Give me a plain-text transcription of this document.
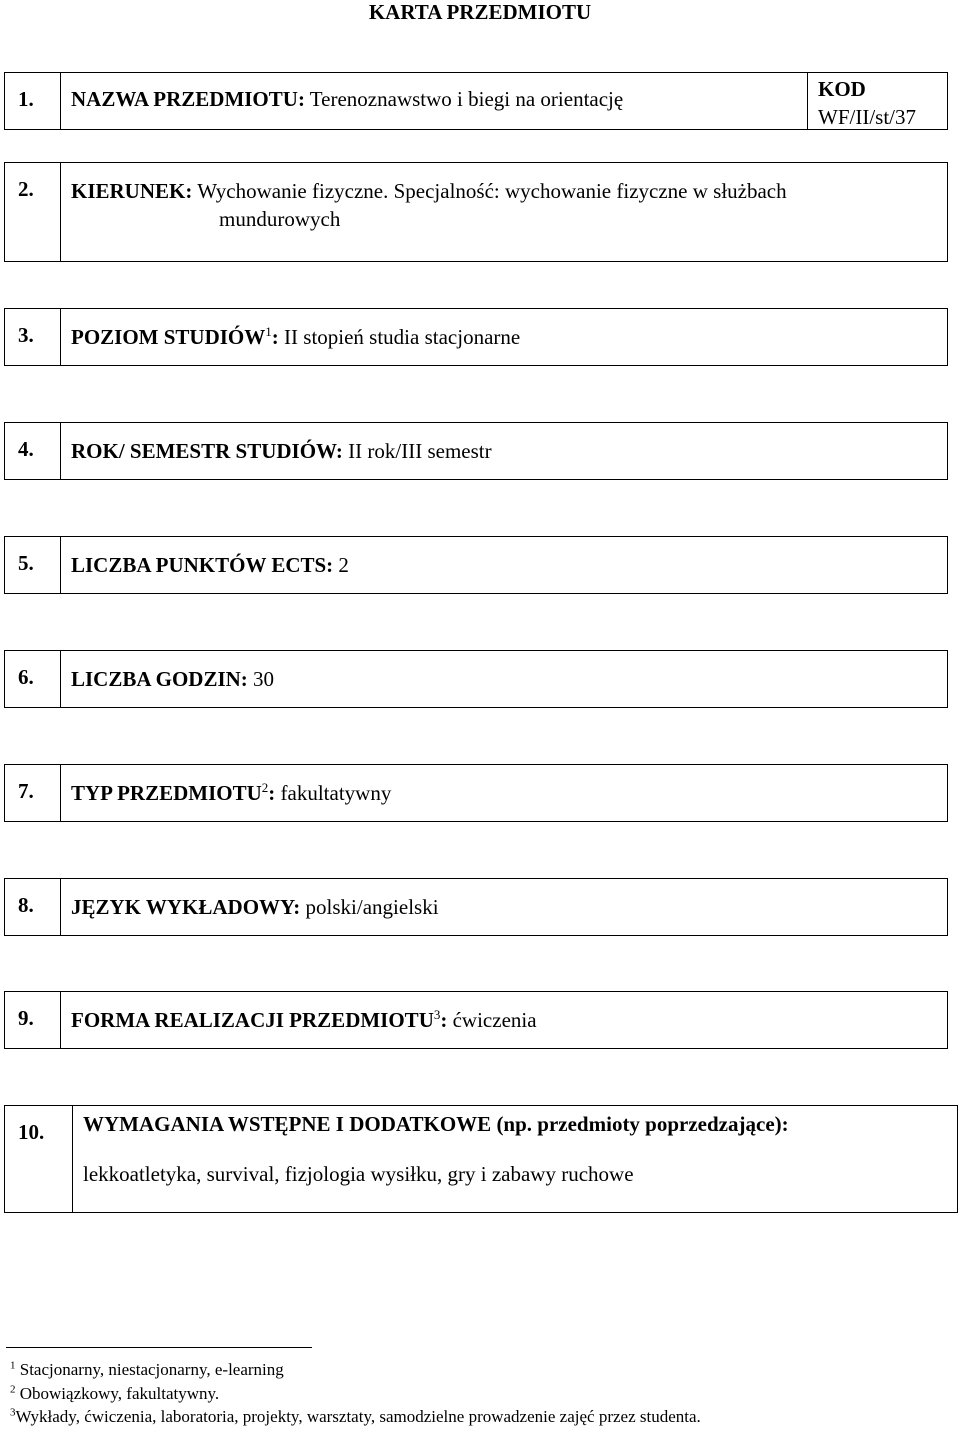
KARTA PRZEDMIOTU
1. NAZWA PRZEDMIOTU: Terenoznawstwo i biegi na orientację	KOD
WF/II/st/37
2. KIERUNEK: Wychowanie fizyczne. Specjalność: wychowanie fizyczne w służbach
mundurowych
3. POZIOM STUDIÓW$^1$: II stopień studia stacjonarne
4. ROK/ SEMESTR STUDIÓW: II rok/III semestr
5. LICZBA PUNKTÓW ECTS: 2
6. LICZBA GODZIN: 30
7. TYP PRZEDMIOTU$^2$: fakultatywny
8. JĘZYK WYKŁADOWY: polski/angielski
9. FORMA REALIZACJI PRZEDMIOTU$^3$: ćwiczenia
10. WYMAGANIA WSTĘPNE I DODATKOWE (np. przedmioty poprzedzające):
lekkoatletyka, survival, fizjologia wysiłku, gry i zabawy ruchowe
$^1$ Stacjonarny, niestacjonarny, e-learning
$^2$ Obowiązkowy, fakultatywny.
$^3$Wykłady, ćwiczenia, laboratoria, projekty, warsztaty, samodzielne prowadzenie zajęć przez studenta.
